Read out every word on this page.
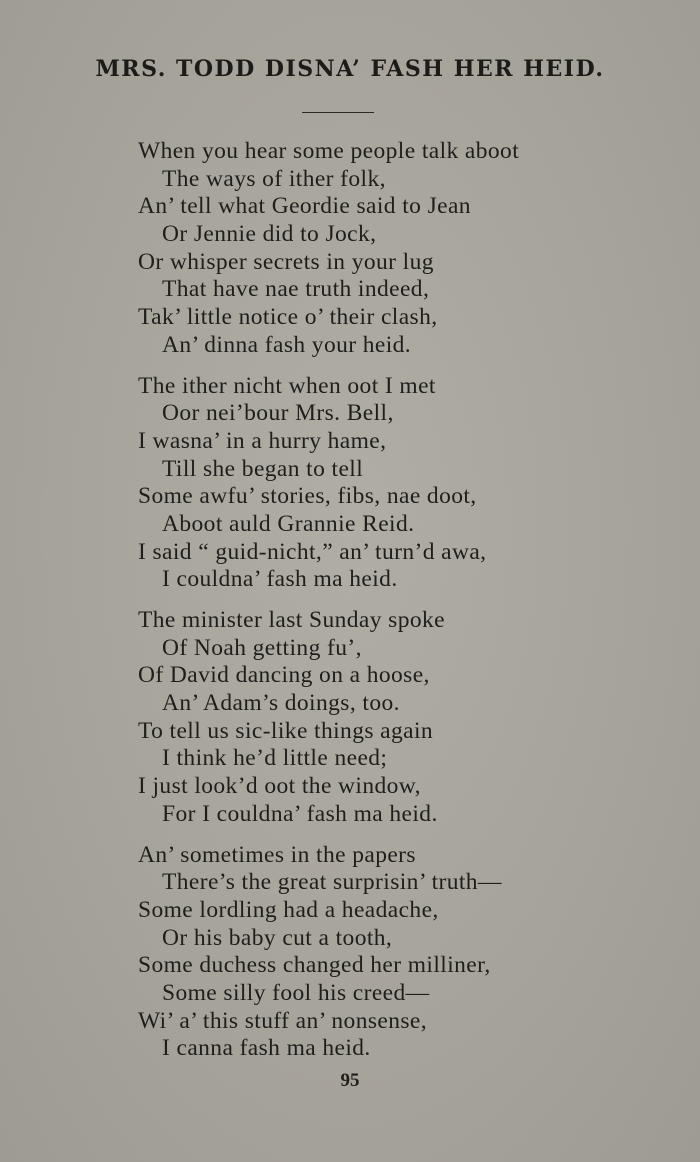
MRS. TODD DISNA’ FASH HER HEID.
When you hear some people talk aboot
The ways of ither folk,
An’ tell what Geordie said to Jean
Or Jennie did to Jock,
Or whisper secrets in your lug
That have nae truth indeed,
Tak’ little notice o’ their clash,
An’ dinna fash your heid.
The ither nicht when oot I met
Oor nei’bour Mrs. Bell,
I wasna’ in a hurry hame,
Till she began to tell
Some awfu’ stories, fibs, nae doot,
Aboot auld Grannie Reid.
I said “ guid-nicht,” an’ turn’d awa,
I couldna’ fash ma heid.
The minister last Sunday spoke
Of Noah getting fu’,
Of David dancing on a hoose,
An’ Adam’s doings, too.
To tell us sic-like things again
I think he’d little need;
I just look’d oot the window,
For I couldna’ fash ma heid.
An’ sometimes in the papers
There’s the great surprisin’ truth—
Some lordling had a headache,
Or his baby cut a tooth,
Some duchess changed her milliner,
Some silly fool his creed—
Wi’ a’ this stuff an’ nonsense,
I canna fash ma heid.
95
